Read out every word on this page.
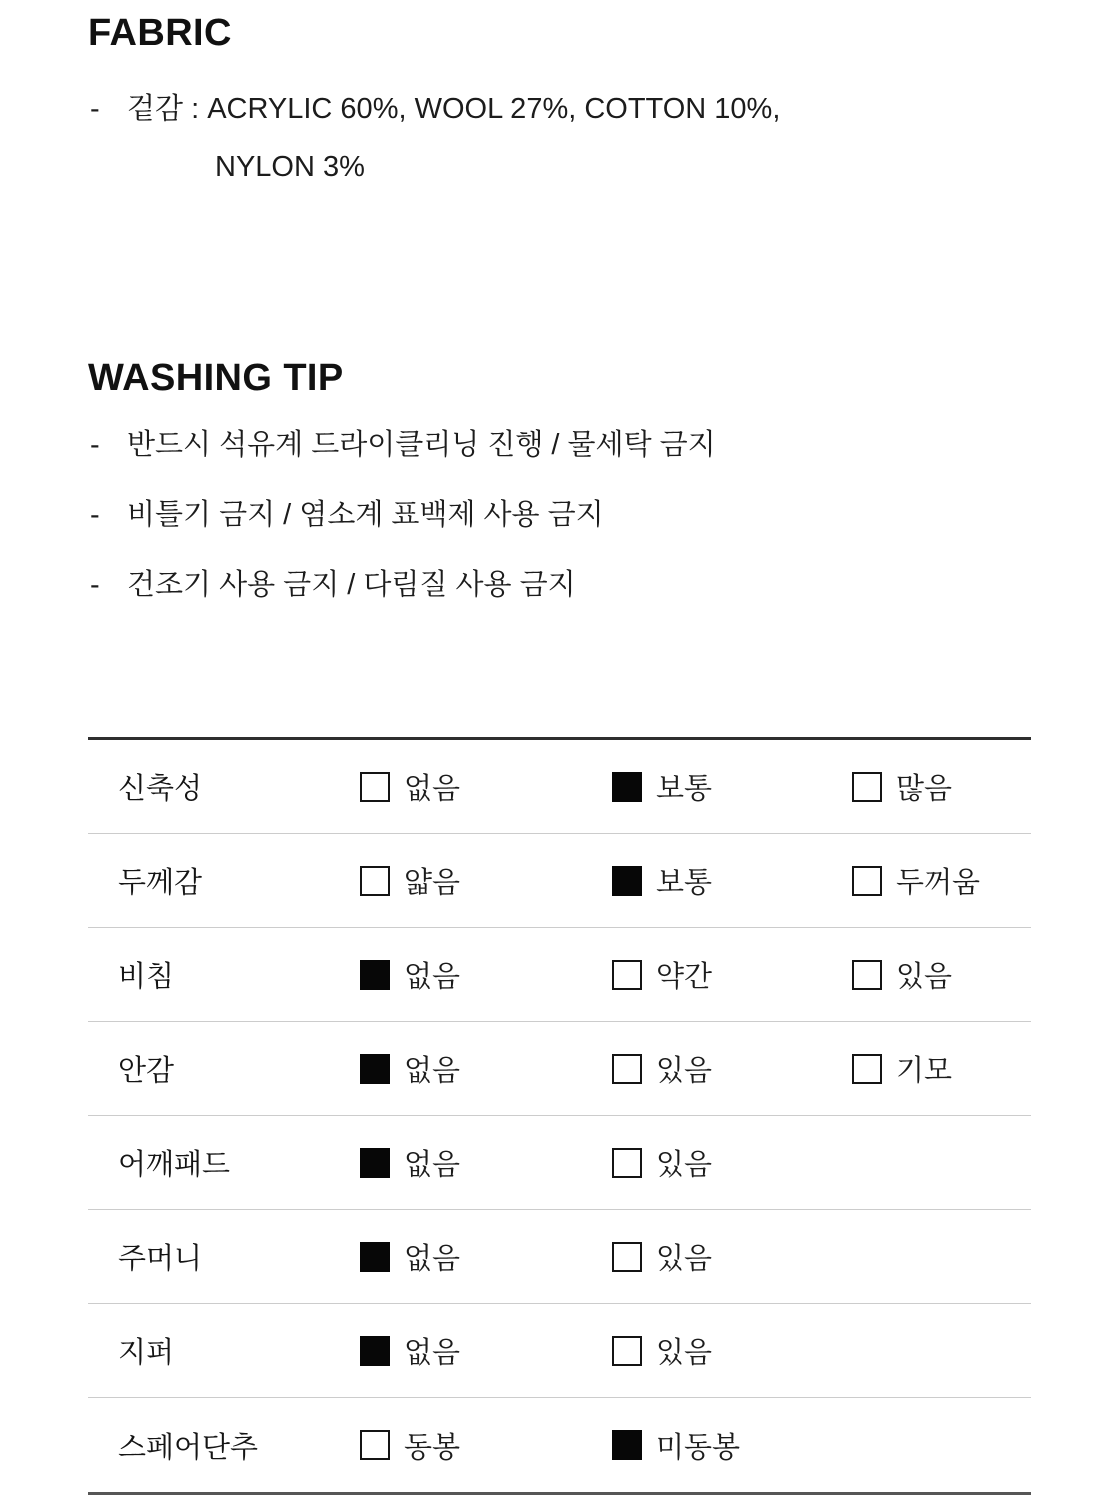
FABRIC
- 겉감 : ACRYLIC 60%, WOOL 27%, COTTON 10%,
NYLON 3%
WASHING TIP
- 반드시 석유계 드라이클리닝 진행 / 물세탁 금지
- 비틀기 금지 / 염소계 표백제 사용 금지
- 건조기 사용 금지 / 다림질 사용 금지
신축성	없음	보통	많음
두께감	얇음	보통	두꺼움
비침	없음	약간	있음
안감	없음	있음	기모
어깨패드	없음	있음
주머니	없음	있음
지퍼	없음	있음
스페어단추	동봉	미동봉
